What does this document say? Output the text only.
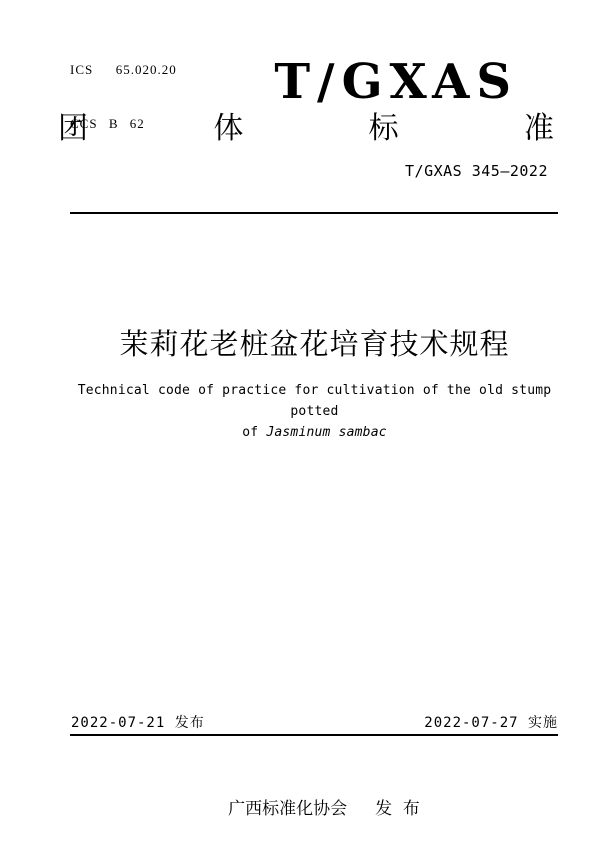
ICS  65.020.20

CCS B 62

T/GXAS
团	体	标	准
T/GXAS 345—2022
茉莉花老桩盆花培育技术规程
Technical code of practice for cultivation of the old stump potted
of Jasminum sambac
2022-07-21 发布	2022-07-27 实施

广西标准化协会 发 布
